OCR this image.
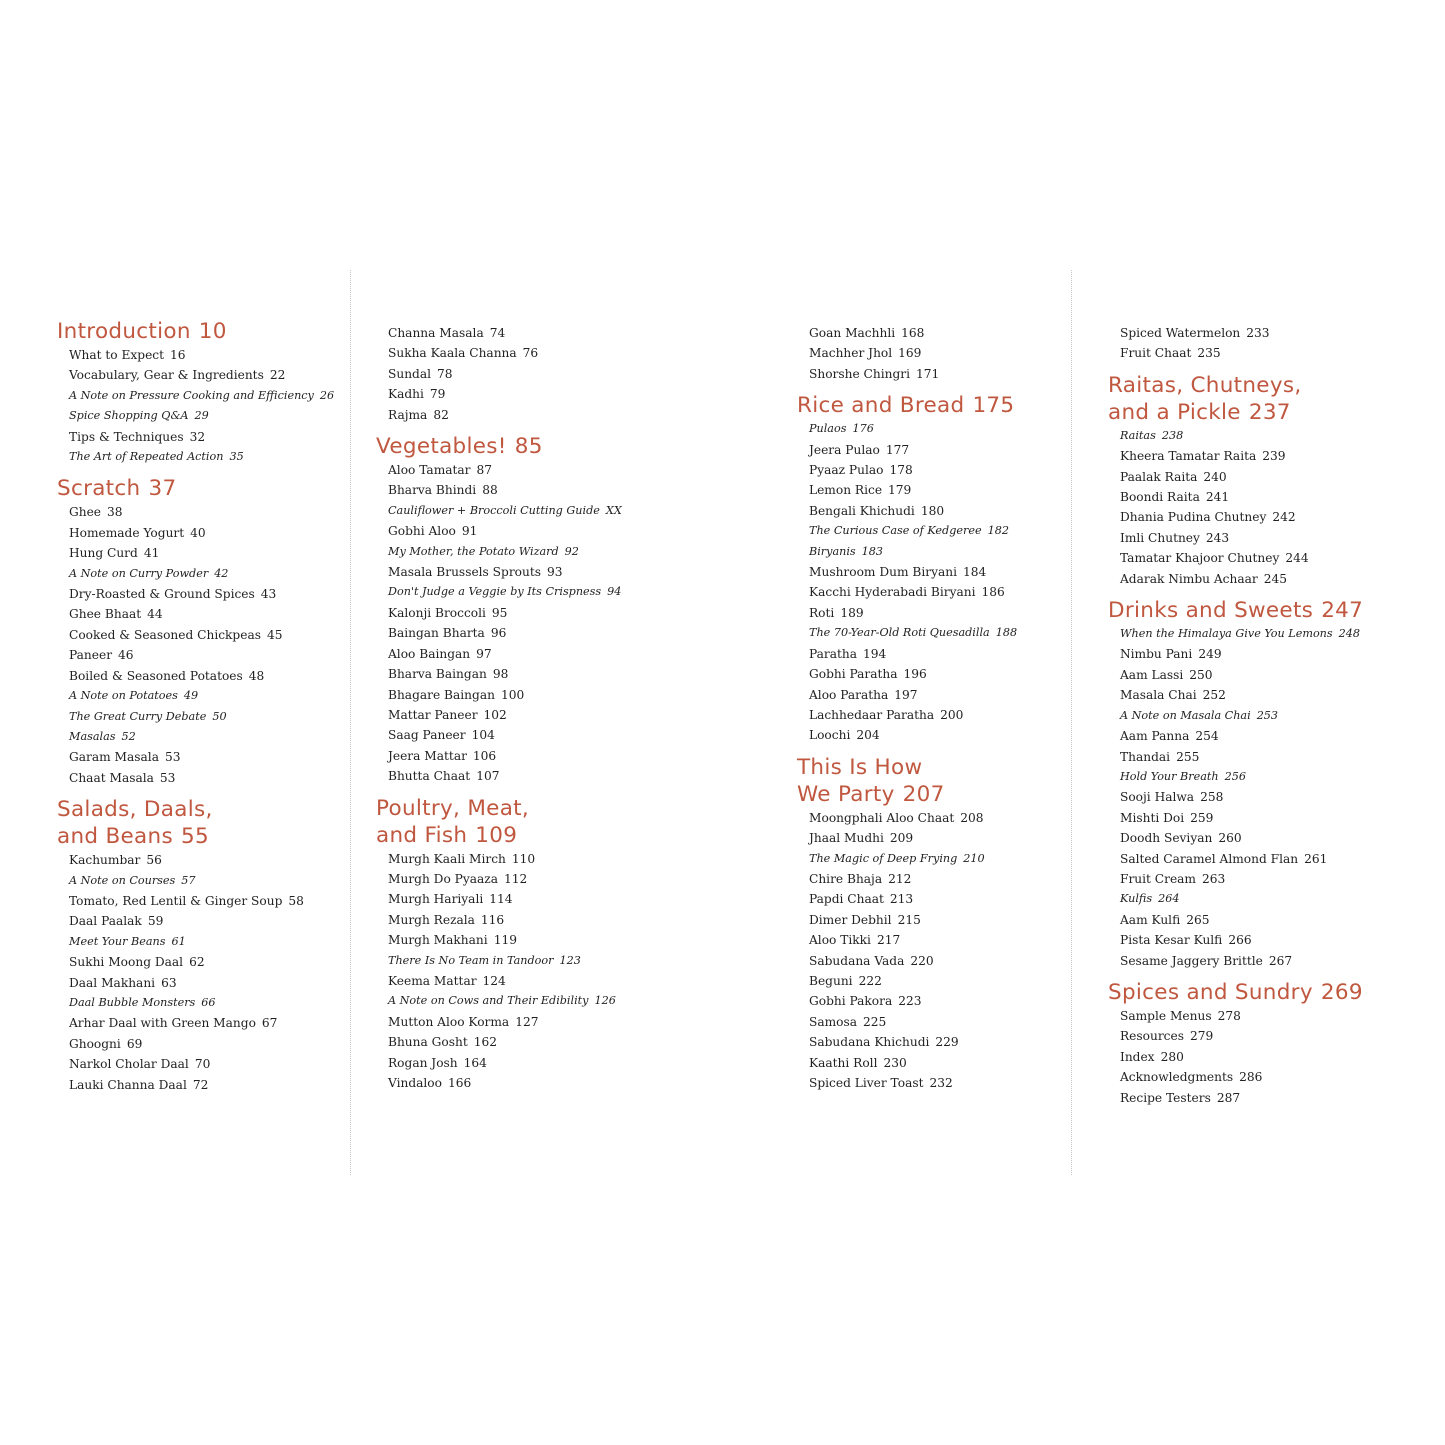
Introduction 10
What to Expect 16
Vocabulary, Gear & Ingredients 22
A Note on Pressure Cooking and Efficiency 26
Spice Shopping Q&A 29
Tips & Techniques 32
The Art of Repeated Action 35
Scratch 37
Ghee 38
Homemade Yogurt 40
Hung Curd 41
A Note on Curry Powder 42
Dry-Roasted & Ground Spices 43
Ghee Bhaat 44
Cooked & Seasoned Chickpeas 45
Paneer 46
Boiled & Seasoned Potatoes 48
A Note on Potatoes 49
The Great Curry Debate 50
Masalas 52
Garam Masala 53
Chaat Masala 53
Salads, Daals,
and Beans 55
Kachumbar 56
A Note on Courses 57
Tomato, Red Lentil & Ginger Soup 58
Daal Paalak 59
Meet Your Beans 61
Sukhi Moong Daal 62
Daal Makhani 63
Daal Bubble Monsters 66
Arhar Daal with Green Mango 67
Ghoogni 69
Narkol Cholar Daal 70
Lauki Channa Daal 72
Channa Masala 74
Sukha Kaala Channa 76
Sundal 78
Kadhi 79
Rajma 82
Vegetables! 85
Aloo Tamatar 87
Bharva Bhindi 88
Cauliflower + Broccoli Cutting Guide XX
Gobhi Aloo 91
My Mother, the Potato Wizard 92
Masala Brussels Sprouts 93
Don't Judge a Veggie by Its Crispness 94
Kalonji Broccoli 95
Baingan Bharta 96
Aloo Baingan 97
Bharva Baingan 98
Bhagare Baingan 100
Mattar Paneer 102
Saag Paneer 104
Jeera Mattar 106
Bhutta Chaat 107
Poultry, Meat,
and Fish 109
Murgh Kaali Mirch 110
Murgh Do Pyaaza 112
Murgh Hariyali 114
Murgh Rezala 116
Murgh Makhani 119
There Is No Team in Tandoor 123
Keema Mattar 124
A Note on Cows and Their Edibility 126
Mutton Aloo Korma 127
Bhuna Gosht 162
Rogan Josh 164
Vindaloo 166
Goan Machhli 168
Machher Jhol 169
Shorshe Chingri 171
Rice and Bread 175
Pulaos 176
Jeera Pulao 177
Pyaaz Pulao 178
Lemon Rice 179
Bengali Khichudi 180
The Curious Case of Kedgeree 182
Biryanis 183
Mushroom Dum Biryani 184
Kacchi Hyderabadi Biryani 186
Roti 189
The 70-Year-Old Roti Quesadilla 188
Paratha 194
Gobhi Paratha 196
Aloo Paratha 197
Lachhedaar Paratha 200
Loochi 204
This Is How
We Party 207
Moongphali Aloo Chaat 208
Jhaal Mudhi 209
The Magic of Deep Frying 210
Chire Bhaja 212
Papdi Chaat 213
Dimer Debhil 215
Aloo Tikki 217
Sabudana Vada 220
Beguni 222
Gobhi Pakora 223
Samosa 225
Sabudana Khichudi 229
Kaathi Roll 230
Spiced Liver Toast 232
Spiced Watermelon 233
Fruit Chaat 235
Raitas, Chutneys,
and a Pickle 237
Raitas 238
Kheera Tamatar Raita 239
Paalak Raita 240
Boondi Raita 241
Dhania Pudina Chutney 242
Imli Chutney 243
Tamatar Khajoor Chutney 244
Adarak Nimbu Achaar 245
Drinks and Sweets 247
When the Himalaya Give You Lemons 248
Nimbu Pani 249
Aam Lassi 250
Masala Chai 252
A Note on Masala Chai 253
Aam Panna 254
Thandai 255
Hold Your Breath 256
Sooji Halwa 258
Mishti Doi 259
Doodh Seviyan 260
Salted Caramel Almond Flan 261
Fruit Cream 263
Kulfis 264
Aam Kulfi 265
Pista Kesar Kulfi 266
Sesame Jaggery Brittle 267
Spices and Sundry 269
Sample Menus 278
Resources 279
Index 280
Acknowledgments 286
Recipe Testers 287
